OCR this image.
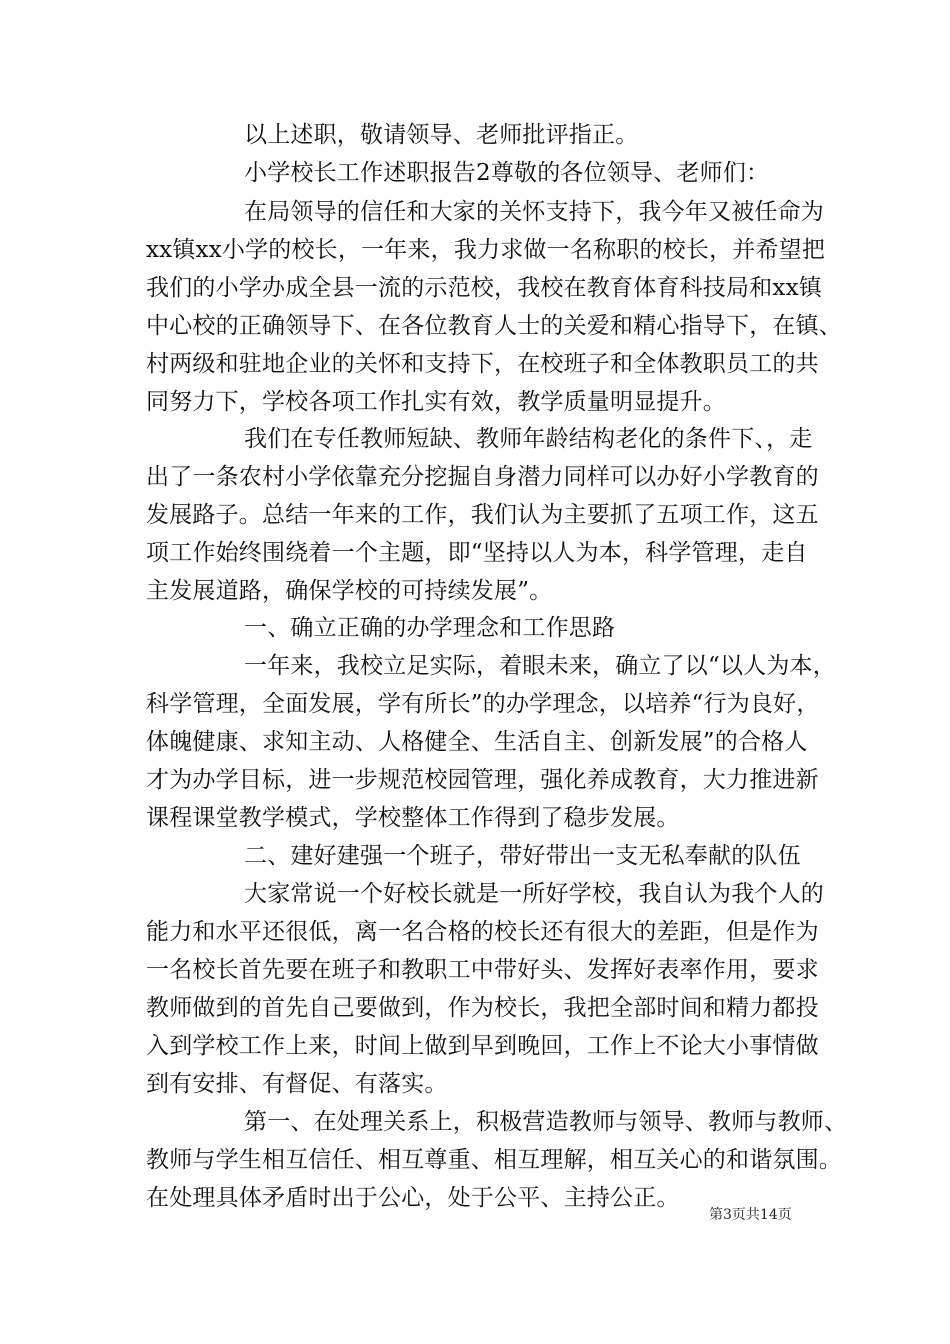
以上述职，敬请领导、老师批评指正。
小学校长工作述职报告2尊敬的各位领导、老师们：
在局领导的信任和大家的关怀支持下，我今年又被任命为
xx镇xx小学的校长，一年来，我力求做一名称职的校长，并希望把
我们的小学办成全县一流的示范校，我校在教育体育科技局和xx镇
中心校的正确领导下、在各位教育人士的关爱和精心指导下，在镇、
村两级和驻地企业的关怀和支持下，在校班子和全体教职员工的共
同努力下，学校各项工作扎实有效，教学质量明显提升。
我们在专任教师短缺、教师年龄结构老化的条件下、，走
出了一条农村小学依靠充分挖掘自身潜力同样可以办好小学教育的
发展路子。总结一年来的工作，我们认为主要抓了五项工作，这五
项工作始终围绕着一个主题，即“坚持以人为本，科学管理，走自
主发展道路，确保学校的可持续发展”。
一、确立正确的办学理念和工作思路
一年来，我校立足实际，着眼未来，确立了以“以人为本，
科学管理，全面发展，学有所长”的办学理念，以培养“行为良好，
体魄健康、求知主动、人格健全、生活自主、创新发展”的合格人
才为办学目标，进一步规范校园管理，强化养成教育，大力推进新
课程课堂教学模式，学校整体工作得到了稳步发展。
二、建好建强一个班子，带好带出一支无私奉献的队伍
大家常说一个好校长就是一所好学校，我自认为我个人的
能力和水平还很低，离一名合格的校长还有很大的差距，但是作为
一名校长首先要在班子和教职工中带好头、发挥好表率作用，要求
教师做到的首先自己要做到，作为校长，我把全部时间和精力都投
入到学校工作上来，时间上做到早到晚回，工作上不论大小事情做
到有安排、有督促、有落实。
第一、在处理关系上，积极营造教师与领导、教师与教师、
教师与学生相互信任、相互尊重、相互理解，相互关心的和谐氛围。
在处理具体矛盾时出于公心，处于公平、主持公正。
第3页共14页
